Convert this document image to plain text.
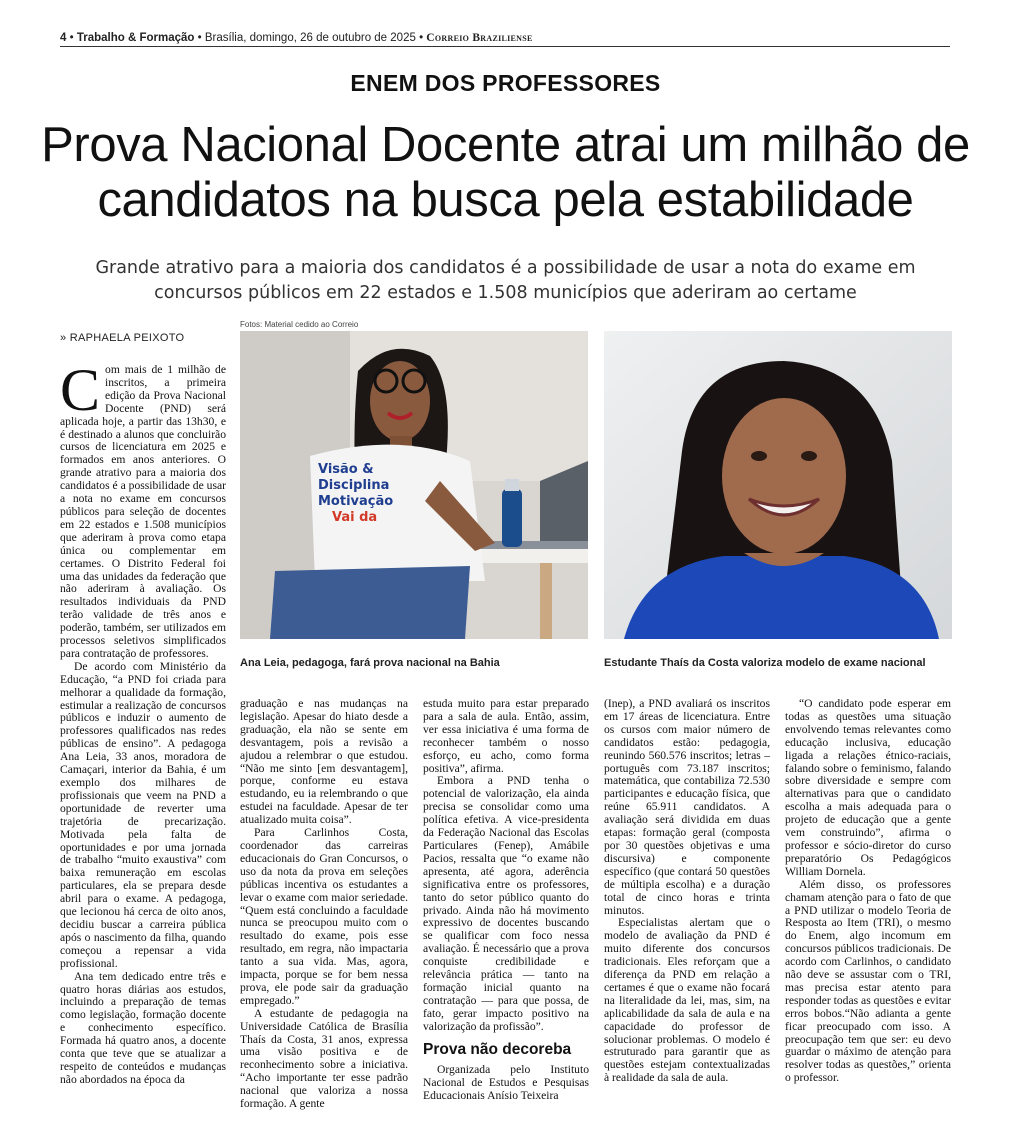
4 • Trabalho & Formação • Brasília, domingo, 26 de outubro de 2025 • Correio Braziliense
ENEM DOS PROFESSORES
Prova Nacional Docente atrai um milhão de candidatos na busca pela estabilidade
Grande atrativo para a maioria dos candidatos é a possibilidade de usar a nota do exame em concursos públicos em 22 estados e 1.508 municípios que aderiram ao certame
» RAPHAELA PEIXOTO
Fotos: Material cedido ao Correio
Visão &
Disciplina
Motivação
Vai da
Ana Leia, pedagoga, fará prova nacional na Bahia	Estudante Thaís da Costa valoriza modelo de exame nacional

Com mais de 1 milhão de inscritos, a primeira edição da Prova Nacional Docente (PND) será aplicada hoje, a partir das 13h30, e é destinado a alunos que concluirão cursos de licenciatura em 2025 e formados em anos anteriores. O grande atrativo para a maioria dos candidatos é a possibilidade de usar a nota no exame em concursos públicos para seleção de docentes em 22 estados e 1.508 municípios que aderiram à prova como etapa única ou complementar em certames. O Distrito Federal foi uma das unidades da federação que não aderiram à avaliação. Os resultados individuais da PND terão validade de três anos e poderão, também, ser utilizados em processos seletivos simplificados para contratação de professores.

De acordo com Ministério da Educação, “a PND foi criada para melhorar a qualidade da formação, estimular a realização de concursos públicos e induzir o aumento de professores qualificados nas redes públicas de ensino”. A pedagoga Ana Leia, 33 anos, moradora de Camaçari, interior da Bahia, é um exemplo dos milhares de profissionais que veem na PND a oportunidade de reverter uma trajetória de precarização. Motivada pela falta de oportunidades e por uma jornada de trabalho “muito exaustiva” com baixa remuneração em escolas particulares, ela se prepara desde abril para o exame. A pedagoga, que lecionou há cerca de oito anos, decidiu buscar a carreira pública após o nascimento da filha, quando começou a repensar a vida profissional.

Ana tem dedicado entre três e quatro horas diárias aos estudos, incluindo a preparação de temas como legislação, formação docente e conhecimento específico. Formada há quatro anos, a docente conta que teve que se atualizar a respeito de conteúdos e mudanças não abordados na época da

graduação e nas mudanças na legislação. Apesar do hiato desde a graduação, ela não se sente em desvantagem, pois a revisão a ajudou a relembrar o que estudou. “Não me sinto [em desvantagem], porque, conforme eu estava estudando, eu ia relembrando o que estudei na faculdade. Apesar de ter atualizado muita coisa”.

Para Carlinhos Costa, coordenador das carreiras educacionais do Gran Concursos, o uso da nota da prova em seleções públicas incentiva os estudantes a levar o exame com maior seriedade. “Quem está concluindo a faculdade nunca se preocupou muito com o resultado do exame, pois esse resultado, em regra, não impactaria tanto a sua vida. Mas, agora, impacta, porque se for bem nessa prova, ele pode sair da graduação empregado.”

A estudante de pedagogia na Universidade Católica de Brasília Thaís da Costa, 31 anos, expressa uma visão positiva e de reconhecimento sobre a iniciativa. “Acho importante ter esse padrão nacional que valoriza a nossa formação. A gente

estuda muito para estar preparado para a sala de aula. Então, assim, ver essa iniciativa é uma forma de reconhecer também o nosso esforço, eu acho, como forma positiva”, afirma.

Embora a PND tenha o potencial de valorização, ela ainda precisa se consolidar como uma política efetiva. A vice-presidenta da Federação Nacional das Escolas Particulares (Fenep), Amábile Pacios, ressalta que “o exame não apresenta, até agora, aderência significativa entre os professores, tanto do setor público quanto do privado. Ainda não há movimento expressivo de docentes buscando se qualificar com foco nessa avaliação. É necessário que a prova conquiste credibilidade e relevância prática — tanto na formação inicial quanto na contratação — para que possa, de fato, gerar impacto positivo na valorização da profissão”.

Prova não decoreba

Organizada pelo Instituto Nacional de Estudos e Pesquisas Educacionais Anísio Teixeira

(Inep), a PND avaliará os inscritos em 17 áreas de licenciatura. Entre os cursos com maior número de candidatos estão: pedagogia, reunindo 560.576 inscritos; letras – português com 73.187 inscritos; matemática, que contabiliza 72.530 participantes e educação física, que reúne 65.911 candidatos. A avaliação será dividida em duas etapas: formação geral (composta por 30 questões objetivas e uma discursiva) e componente específico (que contará 50 questões de múltipla escolha) e a duração total de cinco horas e trinta minutos.

Especialistas alertam que o modelo de avaliação da PND é muito diferente dos concursos tradicionais. Eles reforçam que a diferença da PND em relação a certames é que o exame não focará na literalidade da lei, mas, sim, na aplicabilidade da sala de aula e na capacidade do professor de solucionar problemas. O modelo é estruturado para garantir que as questões estejam contextualizadas à realidade da sala de aula.

“O candidato pode esperar em todas as questões uma situação envolvendo temas relevantes como educação inclusiva, educação ligada a relações étnico-raciais, falando sobre o feminismo, falando sobre diversidade e sempre com alternativas para que o candidato escolha a mais adequada para o projeto de educação que a gente vem construindo”, afirma o professor e sócio-diretor do curso preparatório Os Pedagógicos William Dornela.

Além disso, os professores chamam atenção para o fato de que a PND utilizar o modelo Teoria de Resposta ao Item (TRI), o mesmo do Enem, algo incomum em concursos públicos tradicionais. De acordo com Carlinhos, o candidato não deve se assustar com o TRI, mas precisa estar atento para responder todas as questões e evitar erros bobos.“Não adianta a gente ficar preocupado com isso. A preocupação tem que ser: eu devo guardar o máximo de atenção para resolver todas as questões,” orienta o professor.
